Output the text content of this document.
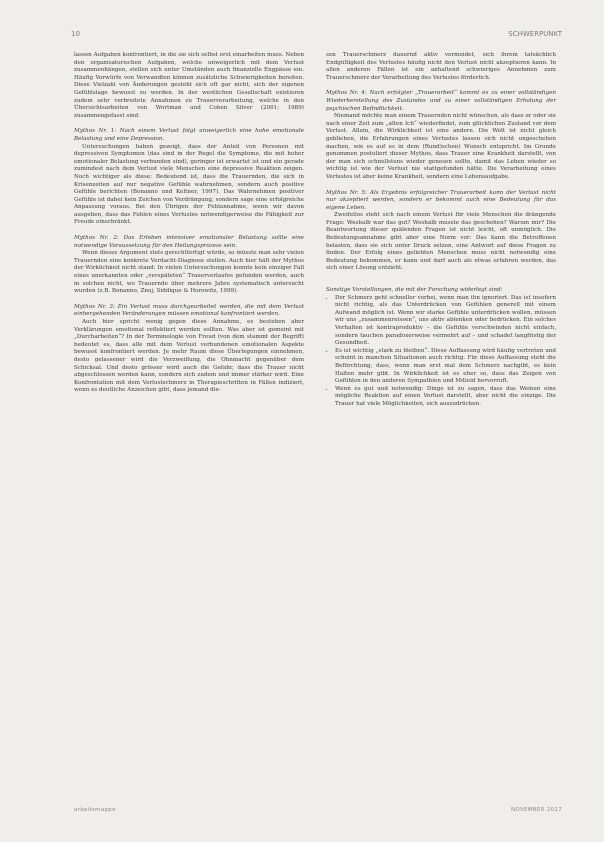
10	SCHWERPUNKT

lassen Aufgaben konfrontiert, in die sie sich selbst erst einarbeiten muss. Neben den organisatorischen Aufgaben, welche unweigerlich mit dem Verlust zusammenhängen, stellen sich unter Umständen auch finanzielle Engpässe ein. Häufig Vorwürfe von Verwandten können zusätzliche Schwierigkeiten bereiten. Diese Vielzahl von Änderungen gesteht sich oft gar nicht, sich der eigenen Gefühlslage bewusst zu werden. In der westlichen Gesellschaft existieren zudem sehr verbreitete Annahmen zu Trauerverarbeitung, welche in den Übersichtsarbeiten von Wortman und Cohen Silver (2001; 1989) zusammengefasst sind.

Mythos Nr. 1: Nach einem Verlust folgt unweigerlich eine hohe emotionale Belastung und eine Depression.

Untersuchungen haben gezeigt, dass der Anteil von Personen mit depressiven Symptomen (das sind in der Regel die Symptome, die mit hoher emotionaler Belastung verbunden sind), geringer ist erwartet ist und ein gerade zumindest nach dem Verlust viele Menschen eine depressive Reaktion zeigen. Noch wichtiger als diese: Bedeutend ist, dass die Trauernden, die sich in Krisenzeiten auf nur negative Gefühle wahrnehmen, sondern auch positive Gefühle berichten (Bonanno und Keltner, 1997). Das Wahrnehmen positiver Gefühle ist dabei kein Zeichen von Verdrängung, sondern sage eine erfolgreiche Anpassung voraus. Bei den Übrigen der Fehlannahme, wenn wir davon ausgehen, dass das Fehlen eines Verlustes notwendigerweise die Fähigkeit zur Freude einschränkt.

Mythos Nr. 2: Das Erleben intensiver emotionaler Belastung sollte eine notwendige Voraussetzung für den Heilungsprozess sein.

Wenn dieses Argument stets gerechtfertigt würde, so müsste man sehr vielen Trauernden eine konkrete Verdacht-Diagnose stellen. Auch hier hält der Mythos der Wirklichkeit nicht stand: In vielen Untersuchungen konnte kein einziger Fall eines unerkannten oder „verspäteten“ Trauerverlaufes gefunden werden, auch in solchen nicht, wo Trauernde über mehrere Jahre systematisch untersucht wurden (z.B. Bonanno, Znoj, Siddique & Horowitz, 1999).

Mythos Nr. 3: Ein Verlust muss durchgearbeitet werden, die mit dem Verlust einhergehenden Veränderungen müssen emotional konfrontiert werden.

Auch hier spricht wenig gegen diese Annahme, es bestehen aber Verklärungen emotional reflektiert werden sollten. Was aber ist gemeint mit „Durcharbeiten“? In der Terminologie von Freud (von dem stammt der Begriff) bedeutet es, dass alle mit dem Verlust verbundenen emotionalen Aspekte bewusst konfrontiert werden. Je mehr Raum diese Überlegungen einnehmen, desto gelassener wird die Verzweiflung, die Ohnmacht gegenüber dem Schicksal. Und desto grösser wird auch die Gefahr, dass die Trauer nicht abgeschlossen werden kann, sondern sich zudem und immer stärker wird. Eine Konfrontation mit dem Verlustschmerz in Therapieschritten in Fällen indiziert, wenn es deutliche Anzeichen gibt, dass jemand die-

sen Trauerschmerz dauernd aktiv vermeidet, sich ihrem tatsächlich Endgültigkeit des Verlustes häufig nicht den Verlust nicht akzeptieren kann. In allen anderen Fällen ist ein anhaltend schwieriges Annehmen zum Trauerschmerz der Verarbeitung des Verlustes förderlich.

Mythos Nr. 4: Nach erfolgter „Trauerarbeit“ kommt es zu einer vollständigen Wiederherstellung des Zustandes und zu einer vollständigen Erholung der psychischen Befindlichkeit.

Niemand möchte man einem Trauernden nicht wünschen, als dass er oder sie nach einer Zeit zum „alten Ich“ wiederfindet, zum glücklichen Zustand vor dem Verlust. Allein, die Wirklichkeit ist eine andere. Die Welt ist nicht gleich geblieben, die Erfahrungen eines Verlustes lassen sich nicht ungeschehen machen, wie es auf es in dem (Rund)schen) Wunsch entspricht. Im Grunde genommen postuliert dieser Mythos, dass Trauer eine Krankheit darstellt, von der man sich schnellstens wieder genesen sollte, damit das Leben wieder so wichtig ist wie der Verlust nie stattgefunden hätte. Die Verarbeitung eines Verlustes ist aber keine Krankheit, sondern eine Lebensaufgabe.

Mythos Nr. 5: Als Ergebnis erfolgreicher Trauerarbeit kann der Verlust nicht nur akzeptiert werden, sondern er bekommt auch eine Bedeutung für das eigene Leben.

Zweifellos steht sich nach einem Verlust für viele Menschen die drängende Frage: Weshalb war das gut? Weshalb musste das geschehen? Warum mir? Die Beantwortung dieser quälenden Fragen ist nicht leicht, oft unmöglich. Die Bedeutungsannahme gibt aber eine Norm vor: Das kann die Betroffenen belasten, dass sie sich unter Druck setzen, eine Antwort auf diese Fragen zu finden. Der Erfolg eines geliebten Menschen muss nicht notwendig eine Bedeutung bekommen, er kann und darf auch als etwas erfahren werden, das sich einer Lösung entzieht.

Sonstige Vorstellungen, die mit der Forschung widerlegt sind:

• Der Schmerz geht schneller vorbei, wenn man ihn ignoriert. Das ist insofern nicht richtig, als das Unterdrücken von Gefühlen generell mit einem Aufwand möglich ist. Wenn wir starke Gefühle unterdrücken wollen, müssen wir uns „zusammenreissen“, uns aktiv ablenken oder bedrücken. Ein solches Verhalten ist kontraproduktiv – die Gefühle verschwinden nicht einfach, sondern tauchen paradoxerweise vermehrt auf – und schadet langfristig der Gesundheit.
• Es ist wichtig „stark zu bleiben“. Diese Auffassung wird häufig vertreten und scheint in manchen Situationen auch richtig. Für diese Auffassung steht die Befürchtung, dass, wenn man erst mal dem Schmerz nachgibt, es kein Halten mehr gibt. In Wirklichkeit ist es eher so, dass das Zeigen von Gefühlen in den anderen Sympathien und Mitleid hervorruft.
• Wenn es gut und notwendig: Dinge ist zu sagen, dass das Weinen eine mögliche Reaktion auf einen Verlust darstellt, aber nicht die einzige. Die Trauer hat viele Möglichkeiten, sich auszudrücken.
arbeitsmappe	NOVEMBER 2017
